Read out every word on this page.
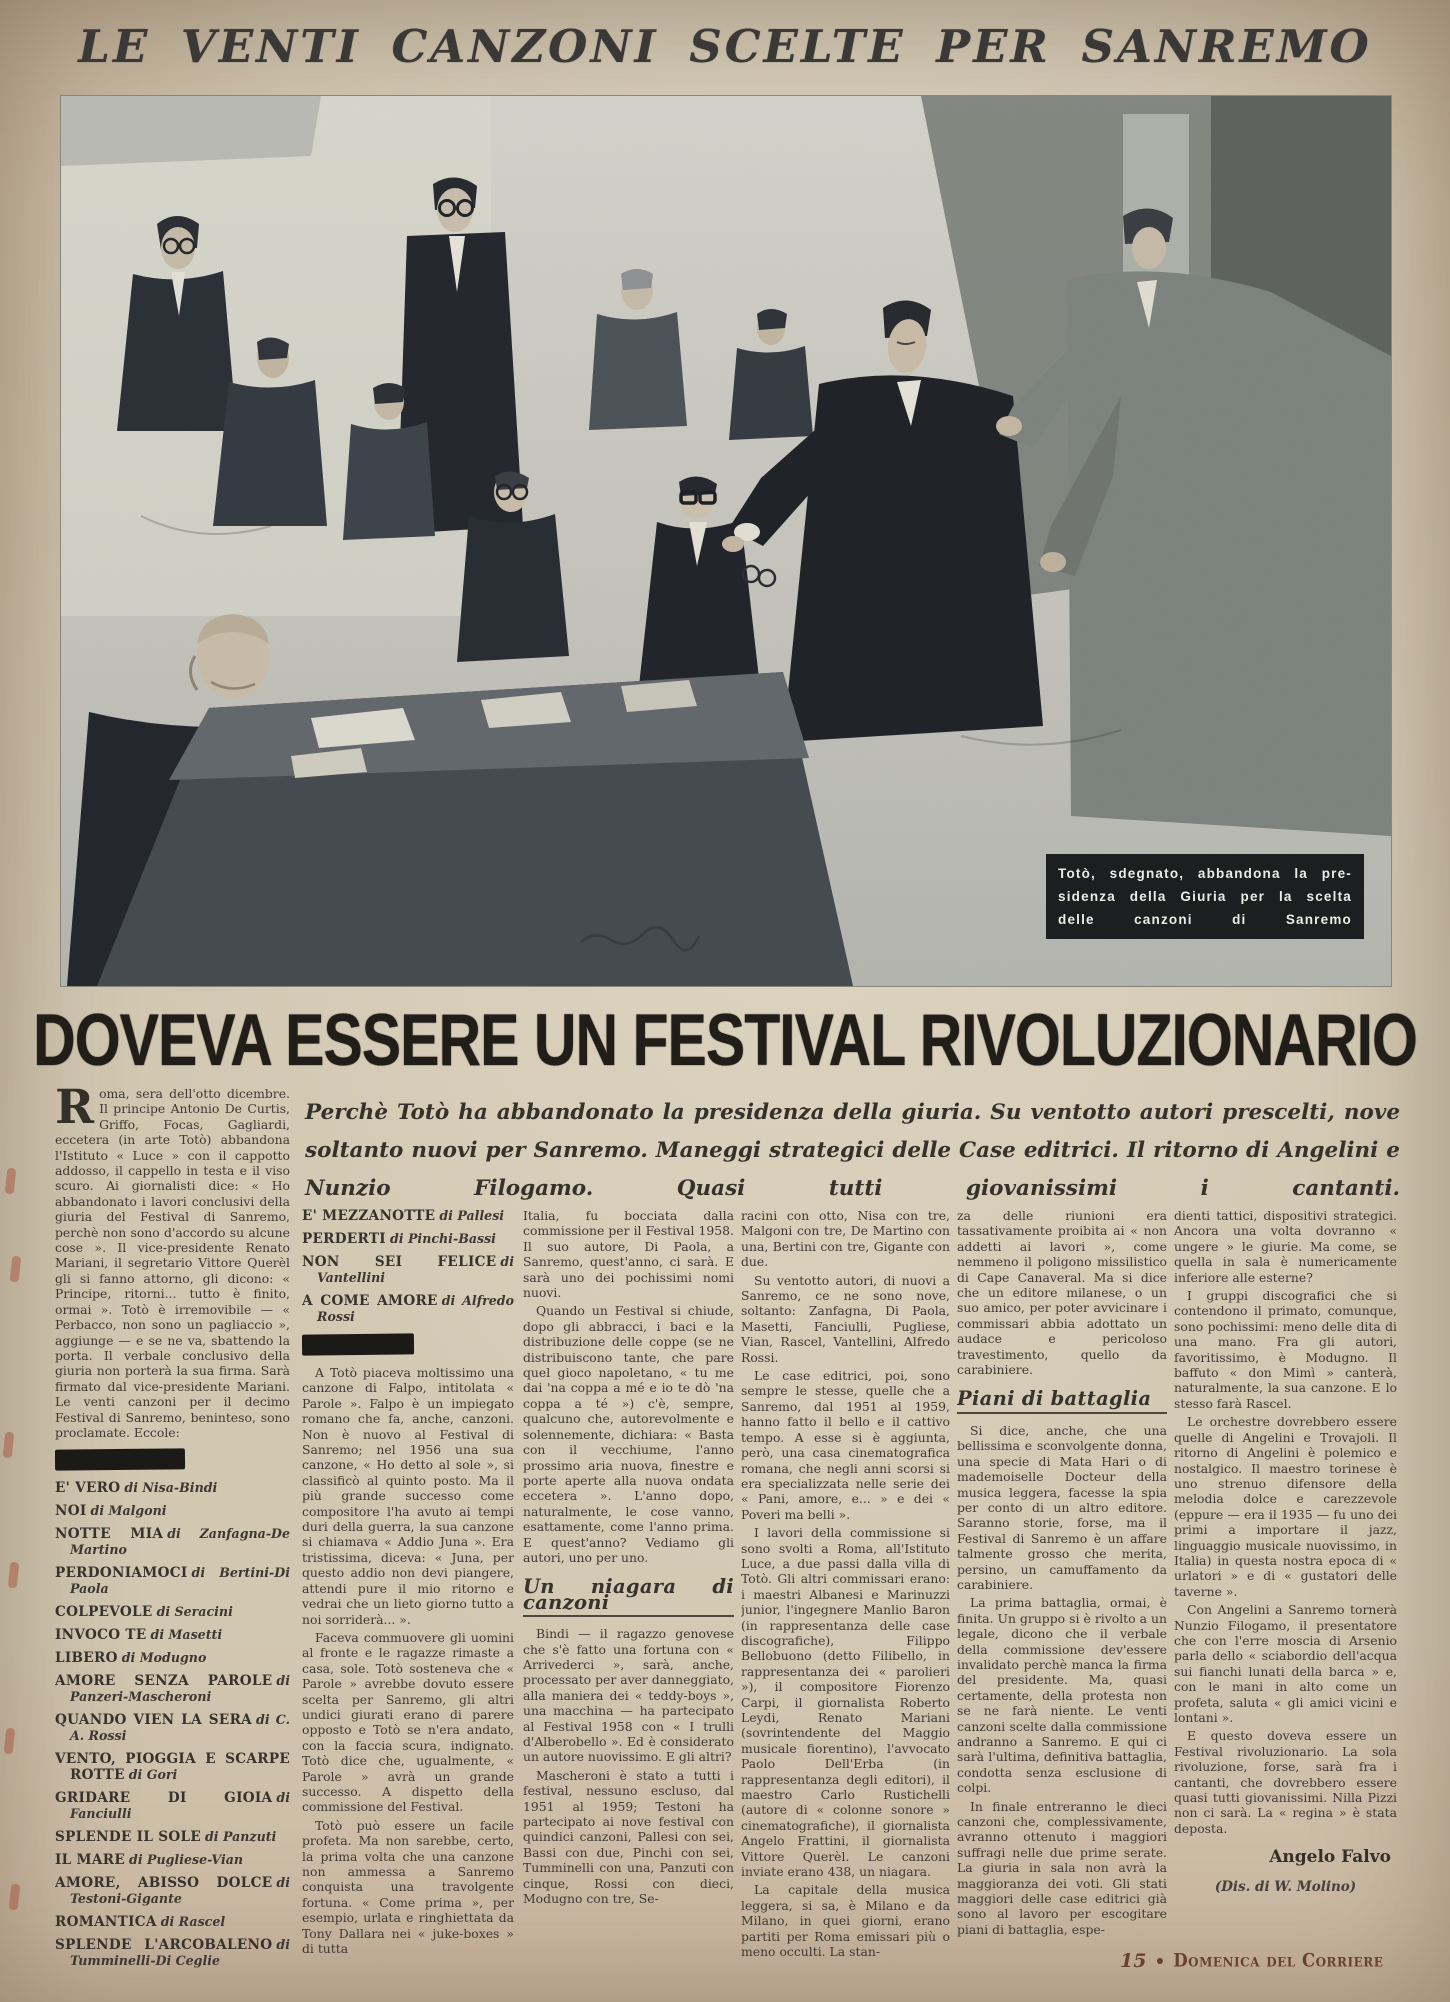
LE VENTI CANZONI SCELTE PER SANREMO
Totò, sdegnato, abbandona la pre-
sidenza della Giuria per la scelta
delle canzoni di Sanremo
DOVEVA ESSERE UN FESTIVAL RIVOLUZIONARIO
Perchè Totò ha abbandonato la presidenza della giuria. Su ventotto autori prescelti, nove soltanto nuovi per Sanremo. Maneggi strategici delle Case editrici. Il ritorno di Angelini e Nunzio Filogamo. Quasi tutti giovanissimi i cantanti.

Roma, sera dell'otto dicembre. Il principe Antonio De Curtis, Griffo, Focas, Gagliardi, eccetera (in arte Totò) abbandona l'Istituto « Luce » con il cappotto addosso, il cappello in testa e il viso scuro. Ai giornalisti dice: « Ho abbandonato i lavori conclusivi della giuria del Festival di Sanremo, perchè non sono d'accordo su alcune cose ». Il vice-presidente Renato Mariani, il segretario Vittore Querèl gli si fanno attorno, gli dicono: « Principe, ritorni... tutto è finito, ormai ». Totò è irremovibile — « Perbacco, non sono un pagliaccio », aggiunge — e se ne va, sbattendo la porta. Il verbale conclusivo della giuria non porterà la sua firma. Sarà firmato dal vice-presidente Mariani. Le venti canzoni per il decimo Festival di Sanremo, beninteso, sono proclamate. Eccole:

E' VERO di Nisa-Bindi
NOI di Malgoni
NOTTE MIA di Zanfagna-De Martino
PERDONIAMOCI di Bertini-Di Paola
COLPEVOLE di Seracini
INVOCO TE di Masetti
LIBERO di Modugno
AMORE SENZA PAROLE di Panzeri-Mascheroni
QUANDO VIEN LA SERA di C. A. Rossi
VENTO, PIOGGIA E SCARPE ROTTE di Gori
GRIDARE DI GIOIA di Fanciulli
SPLENDE IL SOLE di Panzuti
IL MARE di Pugliese-Vian
AMORE, ABISSO DOLCE di Testoni-Gigante
ROMANTICA di Rascel
SPLENDE L'ARCOBALENO di Tumminelli-Di Ceglie
E' MEZZANOTTE di Pallesi
PERDERTI di Pinchi-Bassi
NON SEI FELICE di Vantellini
A COME AMORE di Alfredo Rossi

A Totò piaceva moltissimo una canzone di Falpo, intitolata « Parole ». Falpo è un impiegato romano che fa, anche, canzoni. Non è nuovo al Festival di Sanremo; nel 1956 una sua canzone, « Ho detto al sole », si classificò al quinto posto. Ma il più grande successo come compositore l'ha avuto ai tempi duri della guerra, la sua canzone si chiamava « Addio Juna ». Era tristissima, diceva: « Juna, per questo addio non devi piangere, attendi pure il mio ritorno e vedrai che un lieto giorno tutto a noi sorriderà... ».

Faceva commuovere gli uomini al fronte e le ragazze rimaste a casa, sole. Totò sosteneva che « Parole » avrebbe dovuto essere scelta per Sanremo, gli altri undici giurati erano di parere opposto e Totò se n'era andato, con la faccia scura, indignato. Totò dice che, ugualmente, « Parole » avrà un grande successo. A dispetto della commissione del Festival.

Totò può essere un facile profeta. Ma non sarebbe, certo, la prima volta che una canzone non ammessa a Sanremo conquista una travolgente fortuna. « Come prima », per esempio, urlata e ringhiettata da Tony Dallara nei « juke-boxes » di tutta

Italia, fu bocciata dalla commissione per il Festival 1958. Il suo autore, Di Paola, a Sanremo, quest'anno, ci sarà. E sarà uno dei pochissimi nomi nuovi.

Quando un Festival si chiude, dopo gli abbracci, i baci e la distribuzione delle coppe (se ne distribuiscono tante, che pare quel gioco napoletano, « tu me dai 'na coppa a mé e io te dò 'na coppa a té ») c'è, sempre, qualcuno che, autorevolmente e solennemente, dichiara: « Basta con il vecchiume, l'anno prossimo aria nuova, finestre e porte aperte alla nuova ondata eccetera ». L'anno dopo, naturalmente, le cose vanno, esattamente, come l'anno prima. E quest'anno? Vediamo gli autori, uno per uno.

Un niagara di canzoni

Bindi — il ragazzo genovese che s'è fatto una fortuna con « Arrivederci », sarà, anche, processato per aver danneggiato, alla maniera dei « teddy-boys », una macchina — ha partecipato al Festival 1958 con « I trulli d'Alberobello ». Ed è considerato un autore nuovissimo. E gli altri?

Mascheroni è stato a tutti i festival, nessuno escluso, dal 1951 al 1959; Testoni ha partecipato ai nove festival con quindici canzoni, Pallesi con sei, Bassi con due, Pinchi con sei, Tumminelli con una, Panzuti con cinque, Rossi con dieci, Modugno con tre, Se-

racini con otto, Nisa con tre, Malgoni con tre, De Martino con una, Bertini con tre, Gigante con due.

Su ventotto autori, di nuovi a Sanremo, ce ne sono nove, soltanto: Zanfagna, Di Paola, Masetti, Fanciulli, Pugliese, Vian, Rascel, Vantellini, Alfredo Rossi.

Le case editrici, poi, sono sempre le stesse, quelle che a Sanremo, dal 1951 al 1959, hanno fatto il bello e il cattivo tempo. A esse si è aggiunta, però, una casa cinematografica romana, che negli anni scorsi si era specializzata nelle serie dei « Pani, amore, e... » e dei « Poveri ma belli ».

I lavori della commissione si sono svolti a Roma, all'Istituto Luce, a due passi dalla villa di Totò. Gli altri commissari erano: i maestri Albanesi e Marinuzzi junior, l'ingegnere Manlio Baron (in rappresentanza delle case discografiche), Filippo Bellobuono (detto Filibello, in rappresentanza dei « parolieri »), il compositore Fiorenzo Carpi, il giornalista Roberto Leydi, Renato Mariani (sovrintendente del Maggio musicale fiorentino), l'avvocato Paolo Dell'Erba (in rappresentanza degli editori), il maestro Carlo Rustichelli (autore di « colonne sonore » cinematografiche), il giornalista Angelo Frattini, il giornalista Vittore Querèl. Le canzoni inviate erano 438, un niagara.

La capitale della musica leggera, si sa, è Milano e da Milano, in quei giorni, erano partiti per Roma emissari più o meno occulti. La stan-

za delle riunioni era tassativamente proibita ai « non addetti ai lavori », come nemmeno il poligono missilistico di Cape Canaveral. Ma si dice che un editore milanese, o un suo amico, per poter avvicinare i commissari abbia adottato un audace e pericoloso travestimento, quello da carabiniere.

Piani di battaglia

Si dice, anche, che una bellissima e sconvolgente donna, una specie di Mata Hari o di mademoiselle Docteur della musica leggera, facesse la spia per conto di un altro editore. Saranno storie, forse, ma il Festival di Sanremo è un affare talmente grosso che merita, persino, un camuffamento da carabiniere.

La prima battaglia, ormai, è finita. Un gruppo si è rivolto a un legale, dicono che il verbale della commissione dev'essere invalidato perchè manca la firma del presidente. Ma, quasi certamente, della protesta non se ne farà niente. Le venti canzoni scelte dalla commissione andranno a Sanremo. E qui ci sarà l'ultima, definitiva battaglia, condotta senza esclusione di colpi.

In finale entreranno le dieci canzoni che, complessivamente, avranno ottenuto i maggiori suffragi nelle due prime serate. La giuria in sala non avrà la maggioranza dei voti. Gli stati maggiori delle case editrici già sono al lavoro per escogitare piani di battaglia, espe-

dienti tattici, dispositivi strategici. Ancora una volta dovranno « ungere » le giurie. Ma come, se quella in sala è numericamente inferiore alle esterne?

I gruppi discografici che si contendono il primato, comunque, sono pochissimi: meno delle dita di una mano. Fra gli autori, favoritissimo, è Modugno. Il baffuto « don Mimì » canterà, naturalmente, la sua canzone. E lo stesso farà Rascel.

Le orchestre dovrebbero essere quelle di Angelini e Trovajoli. Il ritorno di Angelini è polemico e nostalgico. Il maestro torinese è uno strenuo difensore della melodia dolce e carezzevole (eppure — era il 1935 — fu uno dei primi a importare il jazz, linguaggio musicale nuovissimo, in Italia) in questa nostra epoca di « urlatori » e di « gustatori delle taverne ».

Con Angelini a Sanremo tornerà Nunzio Filogamo, il presentatore che con l'erre moscia di Arsenio parla dello « sciabordio dell'acqua sui fianchi lunati della barca » e, con le mani in alto come un profeta, saluta « gli amici vicini e lontani ».

E questo doveva essere un Festival rivoluzionario. La sola rivoluzione, forse, sarà fra i cantanti, che dovrebbero essere quasi tutti giovanissimi. Nilla Pizzi non ci sarà. La « regina » è stata deposta.

Angelo Falvo
(Dis. di W. Molino)
15 • Domenica del Corriere
